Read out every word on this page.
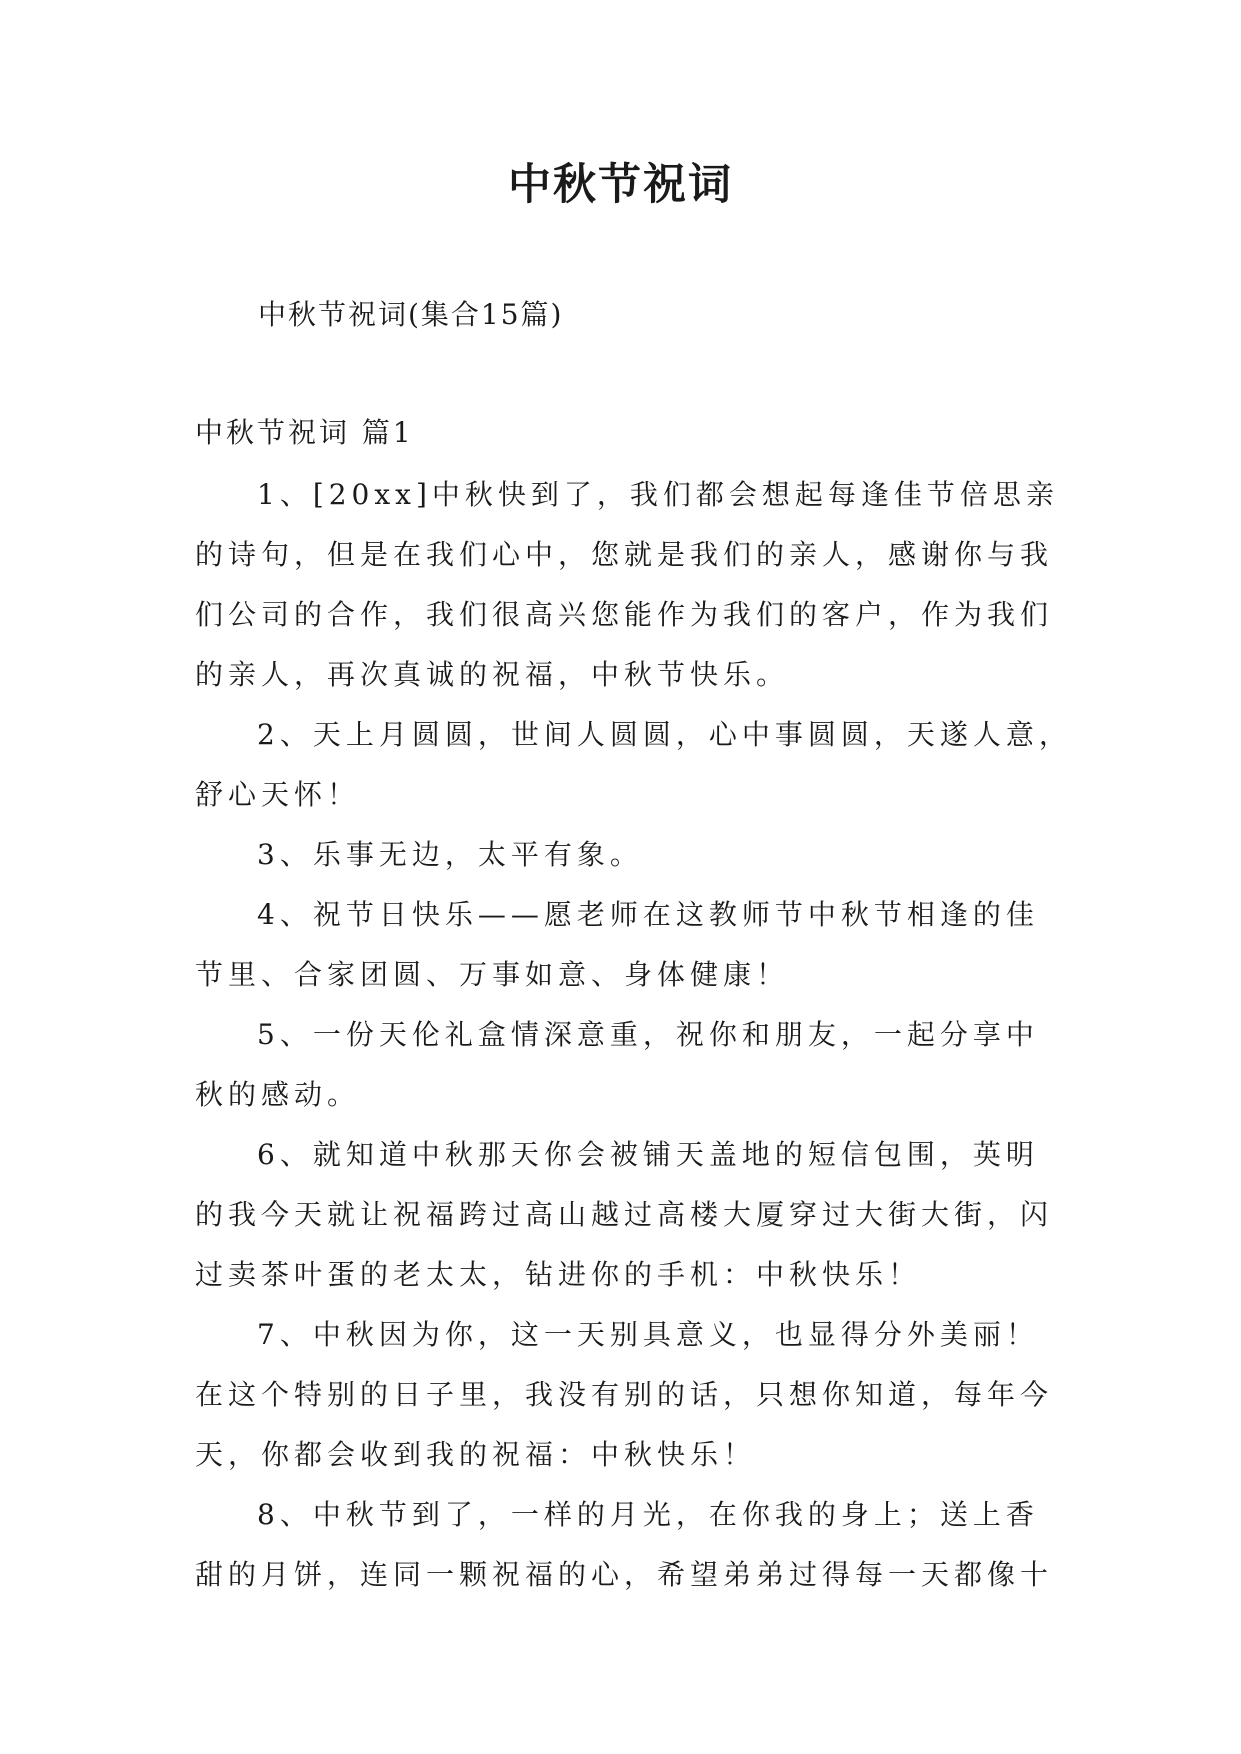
中秋节祝词
中秋节祝词(集合15篇)
中秋节祝词 篇1
1、[20xx]中秋快到了，我们都会想起每逢佳节倍思亲
的诗句，但是在我们心中，您就是我们的亲人，感谢你与我
们公司的合作，我们很高兴您能作为我们的客户，作为我们
的亲人，再次真诚的祝福，中秋节快乐。
2、天上月圆圆，世间人圆圆，心中事圆圆，天遂人意，
舒心天怀！
3、乐事无边，太平有象。
4、祝节日快乐——愿老师在这教师节中秋节相逢的佳
节里、合家团圆、万事如意、身体健康！
5、一份天伦礼盒情深意重，祝你和朋友，一起分享中
秋的感动。
6、就知道中秋那天你会被铺天盖地的短信包围，英明
的我今天就让祝福跨过高山越过高楼大厦穿过大街大街，闪
过卖茶叶蛋的老太太，钻进你的手机：中秋快乐！
7、中秋因为你，这一天别具意义，也显得分外美丽！
在这个特别的日子里，我没有别的话，只想你知道，每年今
天，你都会收到我的祝福：中秋快乐！
8、中秋节到了，一样的月光，在你我的身上；送上香
甜的月饼，连同一颗祝福的心，希望弟弟过得每一天都像十
